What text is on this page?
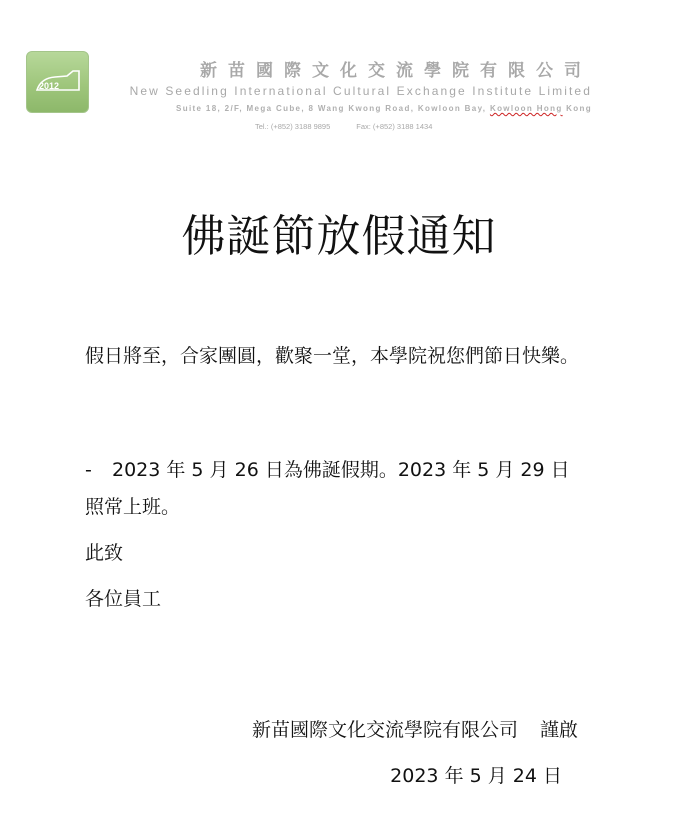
2012
新苗國際文化交流學院有限公司
New Seedling International Cultural Exchange Institute Limited
Suite 18, 2/F, Mega Cube, 8 Wang Kwong Road, Kowloon Bay, Kowloon Hong Kong
Tel.: (+852) 3188 9895	Fax: (+852) 3188 1434
佛誕節放假通知
假日將至，合家團圓，歡聚一堂，本學院祝您們節日快樂。
- 2023 年 5 月 26 日為佛誕假期。2023 年 5 月 29 日照常上班。
此致
各位員工
新苗國際文化交流學院有限公司 謹啟
2023 年 5 月 24 日
